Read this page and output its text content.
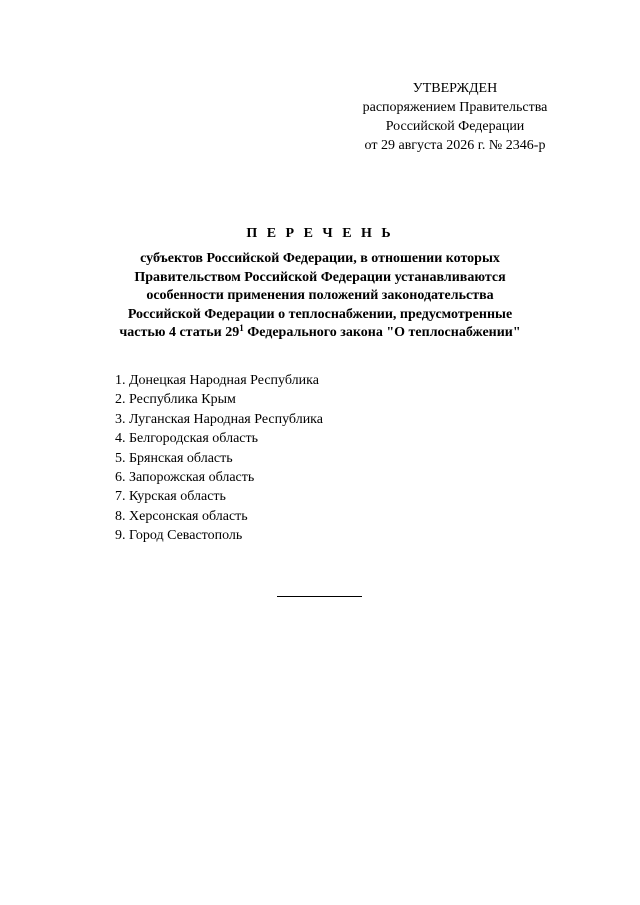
УТВЕРЖДЕН
распоряжением Правительства
Российской Федерации
от 29 августа 2026 г. № 2346-р
П Е Р Е Ч Е Н Ь
субъектов Российской Федерации, в отношении которых
Правительством Российской Федерации устанавливаются
особенности применения положений законодательства
Российской Федерации о теплоснабжении, предусмотренные
частью 4 статьи $29^1$ Федерального закона "О теплоснабжении"
1. Донецкая Народная Республика
2. Республика Крым
3. Луганская Народная Республика
4. Белгородская область
5. Брянская область
6. Запорожская область
7. Курская область
8. Херсонская область
9. Город Севастополь
